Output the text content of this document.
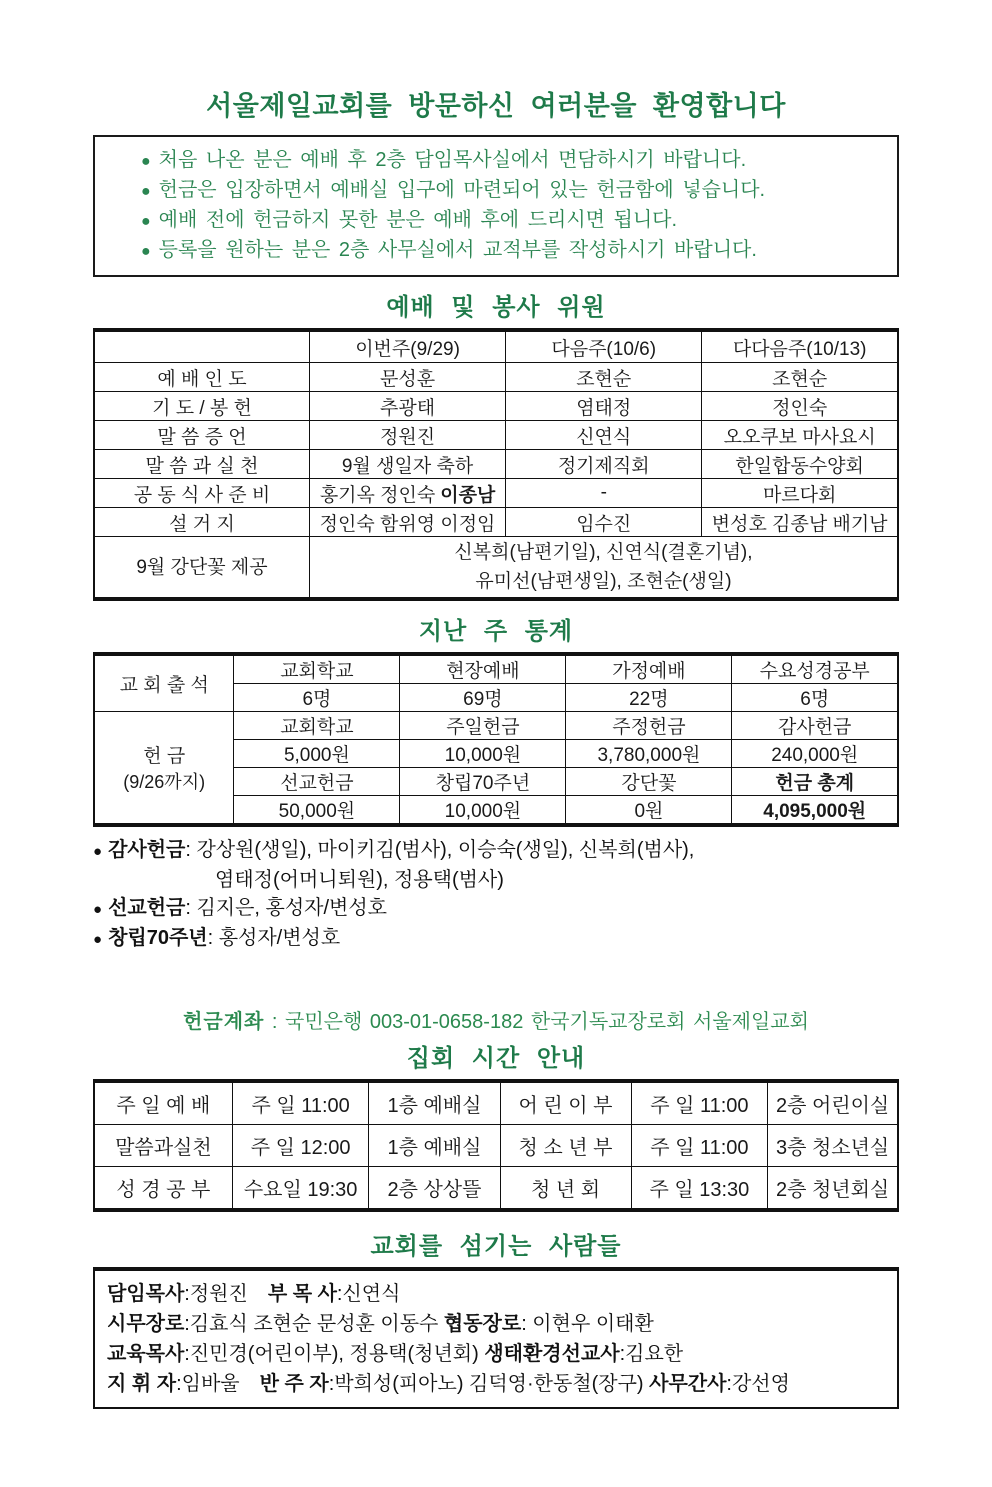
서울제일교회를 방문하신 여러분을 환영합니다
● 처음 나온 분은 예배 후 2층 담임목사실에서 면담하시기 바랍니다.
● 헌금은 입장하면서 예배실 입구에 마련되어 있는 헌금함에 넣습니다.
● 예배 전에 헌금하지 못한 분은 예배 후에 드리시면 됩니다.
● 등록을 원하는 분은 2층 사무실에서 교적부를 작성하시기 바랍니다.
예배 및 봉사 위원
	이번주(9/29)	다음주(10/6)	다다음주(10/13)
예 배 인 도	문성훈	조현순	조현순
기 도 / 봉 헌	추광태	염태정	정인숙
말 씀 증 언	정원진	신연식	오오쿠보 마사요시
말 씀 과 실 천	9월 생일자 축하	정기제직회	한일합동수양회
공 동 식 사 준 비	홍기옥 정인숙 이종남	-	마르다회
설 거 지	정인숙 함위영 이정임	임수진	변성호 김종남 배기남
9월 강단꽃 제공	신복희(남편기일), 신연식(결혼기념),
유미선(남편생일), 조현순(생일)		
지난 주 통계
교 회 출 석	교회학교	현장예배	가정예배	수요성경공부
	6명	69명	22명	6명

헌 금
(9/26까지)	교회학교	주일헌금	주정헌금	감사헌금
	5,000원	10,000원	3,780,000원	240,000원
	선교헌금	창립70주년	강단꽃	헌금 총계
	50,000원	10,000원	0원	4,095,000원
● 감사헌금: 강상원(생일), 마이키김(범사), 이승숙(생일), 신복희(범사),
염태정(어머니퇴원), 정용택(범사)
● 선교헌금: 김지은, 홍성자/변성호
● 창립70주년: 홍성자/변성호
헌금계좌 : 국민은행 003-01-0658-182 한국기독교장로회 서울제일교회
집회 시간 안내
주 일 예 배	주 일 11:00	1층 예배실	어 린 이 부	주 일 11:00	2층 어린이실
말씀과실천	주 일 12:00	1층 예배실	청 소 년 부	주 일 11:00	3층 청소년실
성 경 공 부	수요일 19:30	2층 상상뜰	청 년 회	주 일 13:30	2층 청년회실
교회를 섬기는 사람들
담임목사:정원진 부 목 사:신연식
시무장로:김효식 조현순 문성훈 이동수 협동장로: 이현우 이태환
교육목사:진민경(어린이부), 정용택(청년회) 생태환경선교사:김요한
지 휘 자:임바울 반 주 자:박희성(피아노) 김덕영·한동철(장구) 사무간사:강선영
